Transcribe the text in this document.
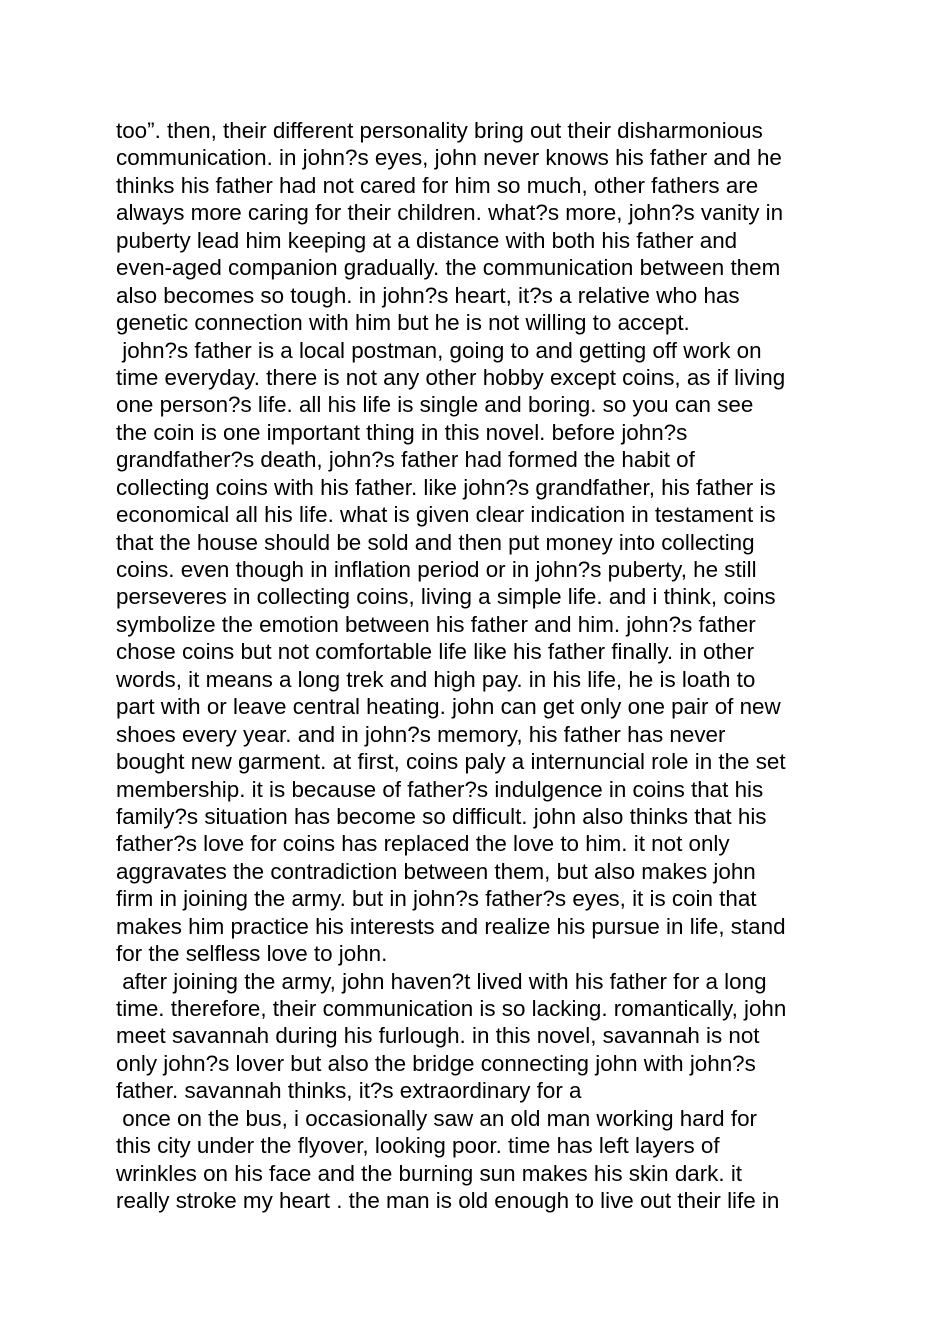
too”. then, their different personality bring out their disharmonious
communication. in john?s eyes, john never knows his father and he
thinks his father had not cared for him so much, other fathers are
always more caring for their children. what?s more, john?s vanity in
puberty lead him keeping at a distance with both his father and
even-aged companion gradually. the communication between them
also becomes so tough. in john?s heart, it?s a relative who has
genetic connection with him but he is not willing to accept.
john?s father is a local postman, going to and getting off work on
time everyday. there is not any other hobby except coins, as if living
one person?s life. all his life is single and boring. so you can see
the coin is one important thing in this novel. before john?s
grandfather?s death, john?s father had formed the habit of
collecting coins with his father. like john?s grandfather, his father is
economical all his life. what is given clear indication in testament is
that the house should be sold and then put money into collecting
coins. even though in inflation period or in john?s puberty, he still
perseveres in collecting coins, living a simple life. and i think, coins
symbolize the emotion between his father and him. john?s father
chose coins but not comfortable life like his father finally. in other
words, it means a long trek and high pay. in his life, he is loath to
part with or leave central heating. john can get only one pair of new
shoes every year. and in john?s memory, his father has never
bought new garment. at first, coins paly a internuncial role in the set
membership. it is because of father?s indulgence in coins that his
family?s situation has become so difficult. john also thinks that his
father?s love for coins has replaced the love to him. it not only
aggravates the contradiction between them, but also makes john
firm in joining the army. but in john?s father?s eyes, it is coin that
makes him practice his interests and realize his pursue in life, stand
for the selfless love to john.
after joining the army, john haven?t lived with his father for a long
time. therefore, their communication is so lacking. romantically, john
meet savannah during his furlough. in this novel, savannah is not
only john?s lover but also the bridge connecting john with john?s
father. savannah thinks, it?s extraordinary for a
once on the bus, i occasionally saw an old man working hard for
this city under the flyover, looking poor. time has left layers of
wrinkles on his face and the burning sun makes his skin dark. it
really stroke my heart . the man is old enough to live out their life in
